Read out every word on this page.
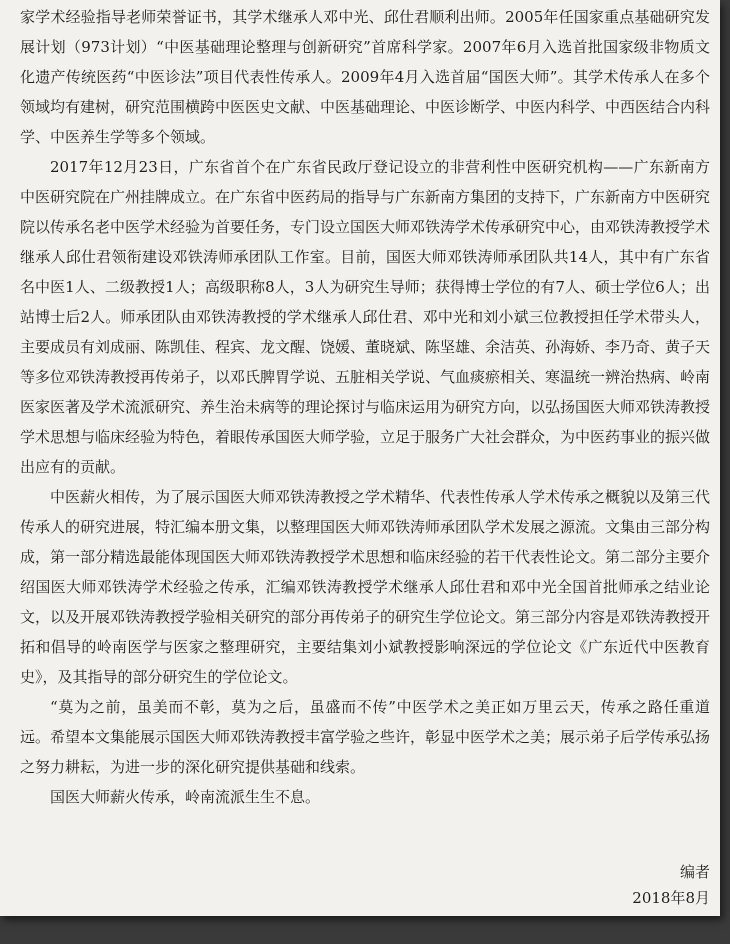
家学术经验指导老师荣誉证书，其学术继承人邓中光、邱仕君顺利出师。2005年任国家重点基础研究发展计划（973计划）“中医基础理论整理与创新研究”首席科学家。2007年6月入选首批国家级非物质文化遗产传统医药“中医诊法”项目代表性传承人。2009年4月入选首届“国医大师”。其学术传承人在多个领域均有建树，研究范围横跨中医医史文献、中医基础理论、中医诊断学、中医内科学、中西医结合内科学、中医养生学等多个领域。

2017年12月23日，广东省首个在广东省民政厅登记设立的非营利性中医研究机构——广东新南方中医研究院在广州挂牌成立。在广东省中医药局的指导与广东新南方集团的支持下，广东新南方中医研究院以传承名老中医学术经验为首要任务，专门设立国医大师邓铁涛学术传承研究中心，由邓铁涛教授学术继承人邱仕君领衔建设邓铁涛师承团队工作室。目前，国医大师邓铁涛师承团队共14人，其中有广东省名中医1人、二级教授1人；高级职称8人，3人为研究生导师；获得博士学位的有7人、硕士学位6人；出站博士后2人。师承团队由邓铁涛教授的学术继承人邱仕君、邓中光和刘小斌三位教授担任学术带头人，主要成员有刘成丽、陈凯佳、程宾、龙文醒、饶媛、董晓斌、陈坚雄、余洁英、孙海娇、李乃奇、黄子天等多位邓铁涛教授再传弟子，以邓氏脾胃学说、五脏相关学说、气血痰瘀相关、寒温统一辨治热病、岭南医家医著及学术流派研究、养生治未病等的理论探讨与临床运用为研究方向，以弘扬国医大师邓铁涛教授学术思想与临床经验为特色，着眼传承国医大师学验，立足于服务广大社会群众，为中医药事业的振兴做出应有的贡献。

中医薪火相传，为了展示国医大师邓铁涛教授之学术精华、代表性传承人学术传承之概貌以及第三代传承人的研究进展，特汇编本册文集，以整理国医大师邓铁涛师承团队学术发展之源流。文集由三部分构成，第一部分精选最能体现国医大师邓铁涛教授学术思想和临床经验的若干代表性论文。第二部分主要介绍国医大师邓铁涛学术经验之传承，汇编邓铁涛教授学术继承人邱仕君和邓中光全国首批师承之结业论文，以及开展邓铁涛教授学验相关研究的部分再传弟子的研究生学位论文。第三部分内容是邓铁涛教授开拓和倡导的岭南医学与医家之整理研究，主要结集刘小斌教授影响深远的学位论文《广东近代中医教育史》，及其指导的部分研究生的学位论文。

“莫为之前，虽美而不彰，莫为之后，虽盛而不传”中医学术之美正如万里云天，传承之路任重道远。希望本文集能展示国医大师邓铁涛教授丰富学验之些许，彰显中医学术之美；展示弟子后学传承弘扬之努力耕耘，为进一步的深化研究提供基础和线索。

国医大师薪火传承，岭南流派生生不息。

编者
2018年8月
